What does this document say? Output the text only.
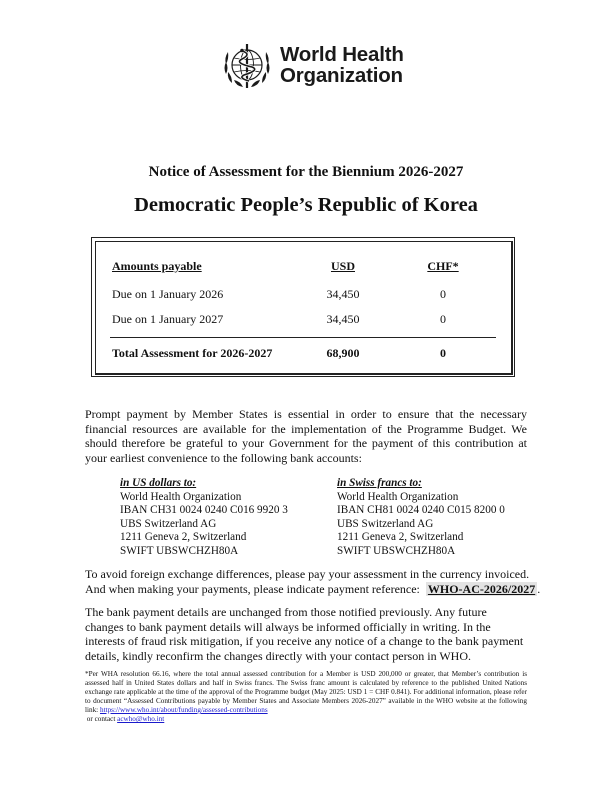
World Health
Organization
Notice of Assessment for the Biennium 2026-2027
Democratic People’s Republic of Korea
Amounts payable	USD	CHF*
Due on 1 January 2026	34,450	0
Due on 1 January 2027	34,450	0
Total Assessment for 2026-2027	68,900	0
Prompt payment by Member States is essential in order to ensure that the necessary financial resources are available for the implementation of the Programme Budget. We should therefore be grateful to your Government for the payment of this contribution at your earliest convenience to the following bank accounts:
in US dollars to:
World Health Organization
IBAN CH31 0024 0240 C016 9920 3
UBS Switzerland AG
1211 Geneva 2, Switzerland
SWIFT UBSWCHZH80A
in Swiss francs to:
World Health Organization
IBAN CH81 0024 0240 C015 8200 0
UBS Switzerland AG
1211 Geneva 2, Switzerland
SWIFT UBSWCHZH80A
To avoid foreign exchange differences, please pay your assessment in the currency invoiced.
And when making your payments, please indicate payment reference: WHO-AC-2026/2027 .
The bank payment details are unchanged from those notified previously. Any future changes to bank payment details will always be informed officially in writing. In the interests of fraud risk mitigation, if you receive any notice of a change to the bank payment details, kindly reconfirm the changes directly with your contact person in WHO.
*Per WHA resolution 66.16, where the total annual assessed contribution for a Member is USD 200,000 or greater, that Member’s contribution is assessed half in United States dollars and half in Swiss francs. The Swiss franc amount is calculated by reference to the published United Nations exchange rate applicable at the time of the approval of the Programme budget (May 2025: USD 1 = CHF 0.841). For additional information, please refer to document “Assessed Contributions payable by Member States and Associate Members 2026-2027” available in the WHO website at the following link: https://www.who.int/about/funding/assessed-contributions
or contact acwho@who.int
